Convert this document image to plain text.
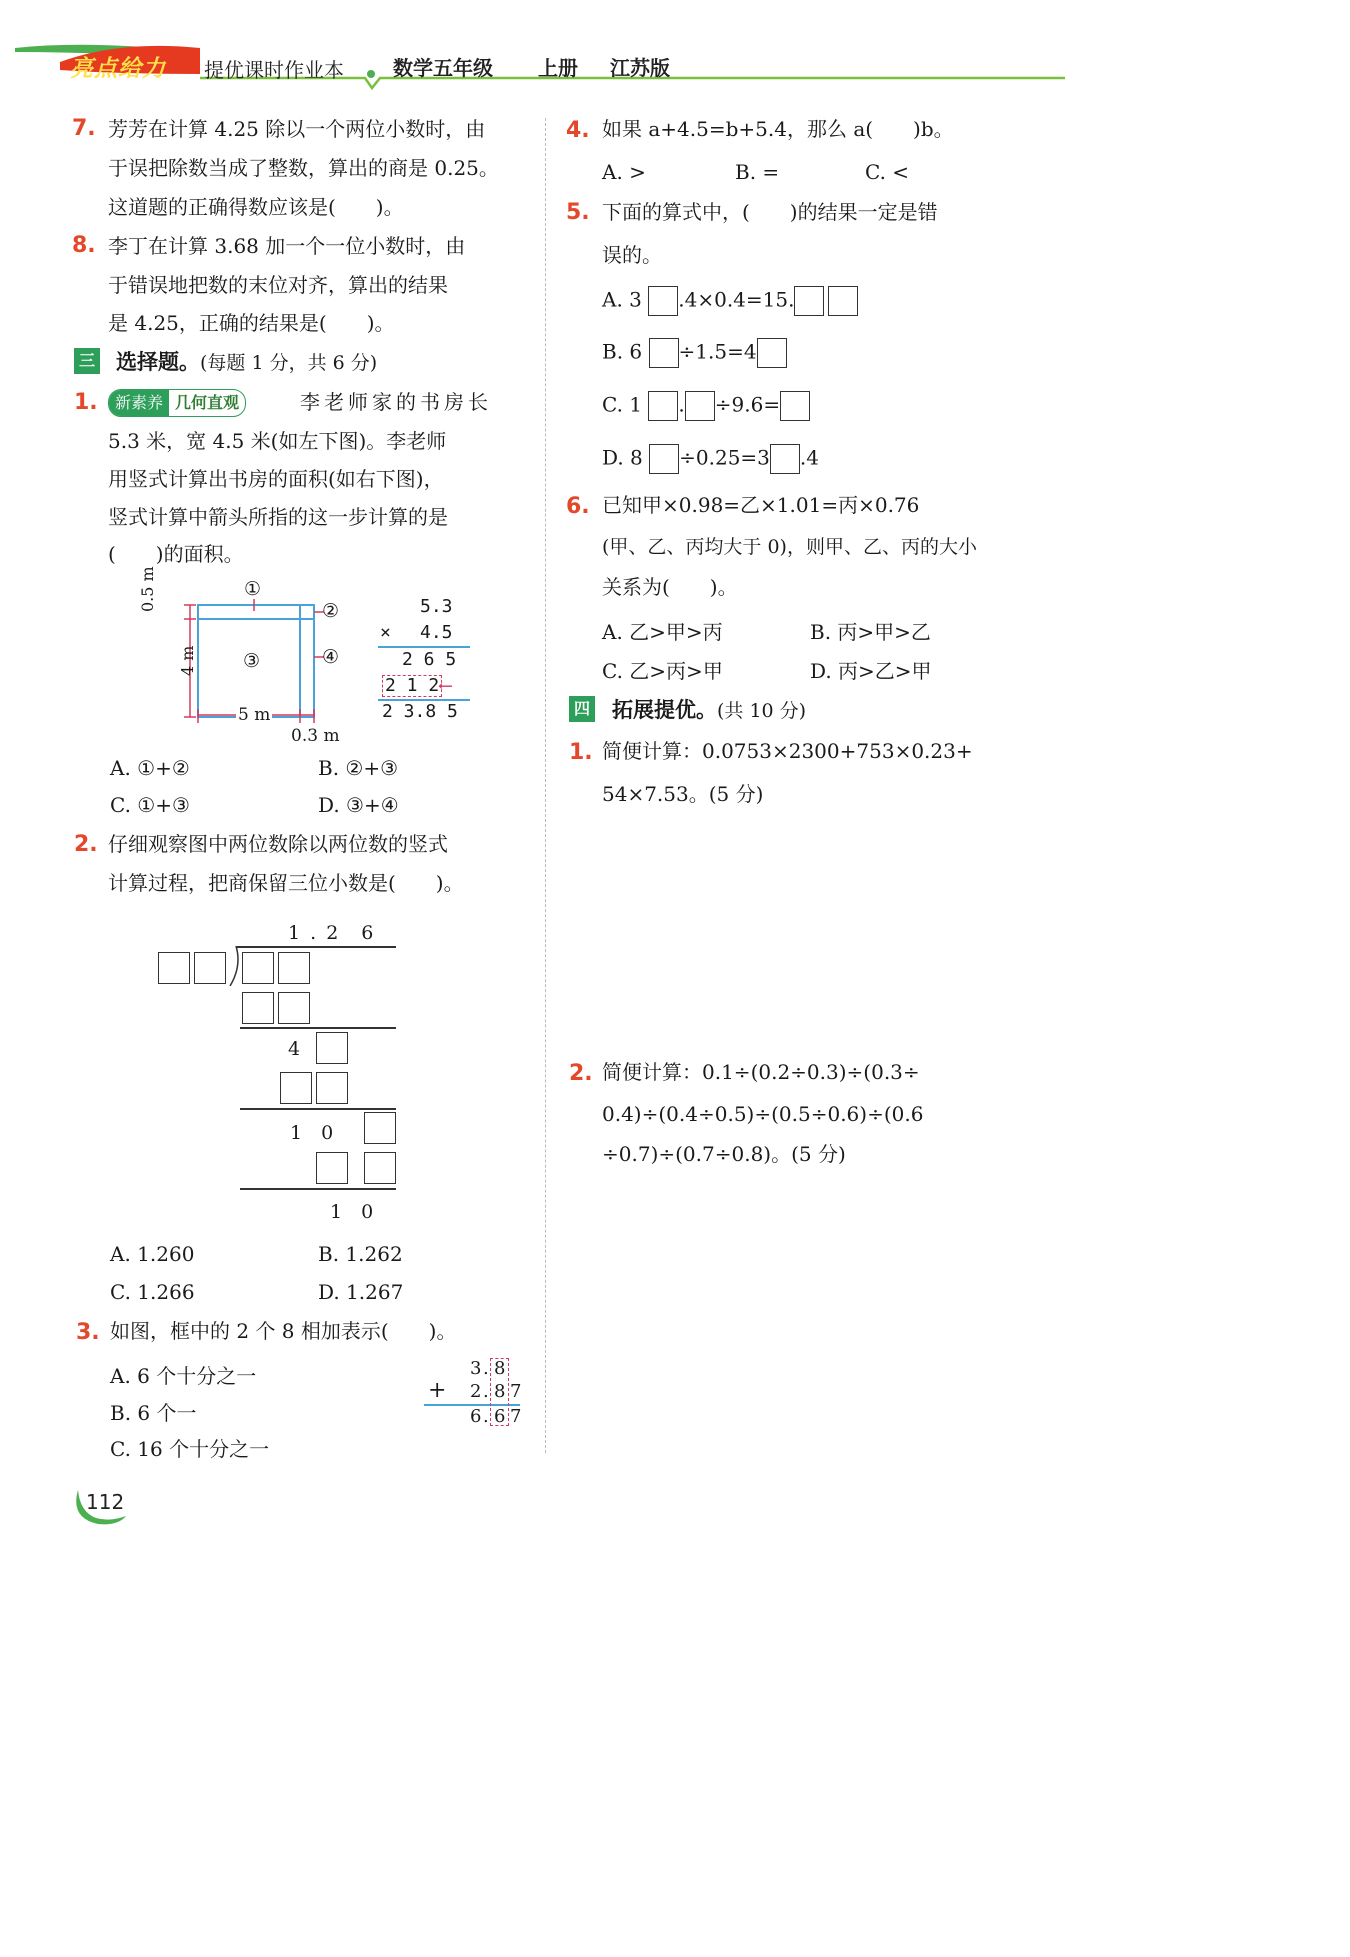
亮点给力 提优课时作业本 数学五年级 上册 江苏版
7. 芳芳在计算 4.25 除以一个两位小数时，由
于误把除数当成了整数，算出的商是 0.25。
这道题的正确得数应该是(　　)。
8. 李丁在计算 3.68 加一个一位小数时，由
于错误地把数的末位对齐，算出的结果
是 4.25，正确的结果是(　　)。
三 选择题。(每题 1 分，共 6 分)
1.	新素养 几何直观	李老师家的书房长
5.3 米，宽 4.5 米(如左下图)。李老师
用竖式计算出书房的面积(如右下图)，
竖式计算中箭头所指的这一步计算的是
(　　)的面积。
①
②
③	④
0.5 m
4 m
5 m
0.3 m
5.3
× 4.5
2 6 5
2 1 2
←
2 3.8 5
A. ①+②	B. ②+③
C. ①+③	D. ③+④
2. 仔细观察图中两位数除以两位数的竖式
计算过程，把商保留三位小数是(　　)。
1 . 2　6
4
1　0
1　0
A. 1.260	B. 1.262
C. 1.266	D. 1.267
3. 如图，框中的 2 个 8 相加表示(　　)。
A. 6 个十分之一
B. 6 个一
C. 16 个十分之一
3 . 8
+ 2 . 8 7
6 . 6 7
4. 如果 a+4.5=b+5.4，那么 a(　　)b。
A. >	B. =	C. <
5. 下面的算式中，(　　)的结果一定是错
误的。
A. 3 .4×0.4=15.
B. 6 ÷1.5=4
C. 1 . ÷9.6=
D. 8 ÷0.25=3 .4
6. 已知甲×0.98=乙×1.01=丙×0.76
(甲、乙、丙均大于 0)，则甲、乙、丙的大小
关系为(　　)。
A. 乙>甲>丙	B. 丙>甲>乙
C. 乙>丙>甲	D. 丙>乙>甲
四 拓展提优。(共 10 分)
1. 简便计算：0.0753×2300+753×0.23+
54×7.53。(5 分)
2. 简便计算：0.1÷(0.2÷0.3)÷(0.3÷
0.4)÷(0.4÷0.5)÷(0.5÷0.6)÷(0.6
÷0.7)÷(0.7÷0.8)。(5 分)
112
